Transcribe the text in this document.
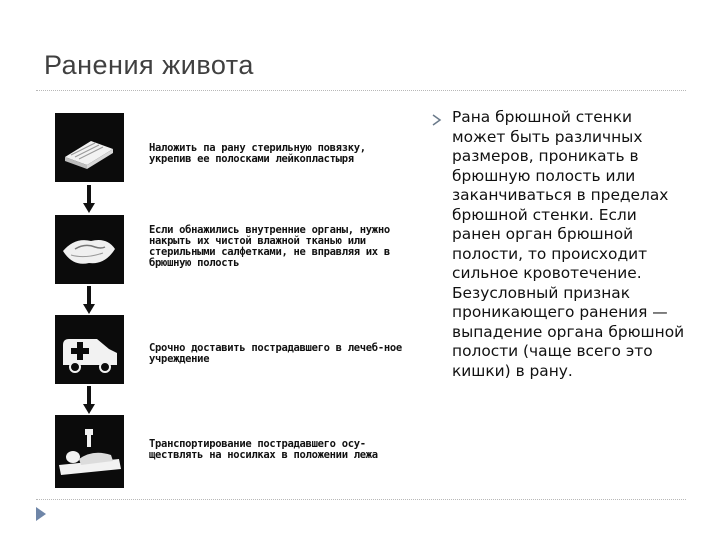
Ранения живота
Наложить па рану стерильную повязку, укрепив ее полосками лейкопластыря
Если обнажились внутренние органы, нужно накрыть их чистой влажной тканью или стерильными салфетками, не вправляя их в брюшную полость
Срочно доставить пострадавшего в лечеб-ное учреждение
Транспортирование пострадавшего осу-ществлять на носилках в положении лежа

Рана брюшной стенки может быть различных размеров, проникать в брюшную полость или заканчиваться в пределах брюшной стенки. Если ранен орган брюшной полости, то происходит сильное кровотечение. Безусловный признак проникающего ранения — выпадение органа брюшной полости (чаще всего это кишки) в рану.
